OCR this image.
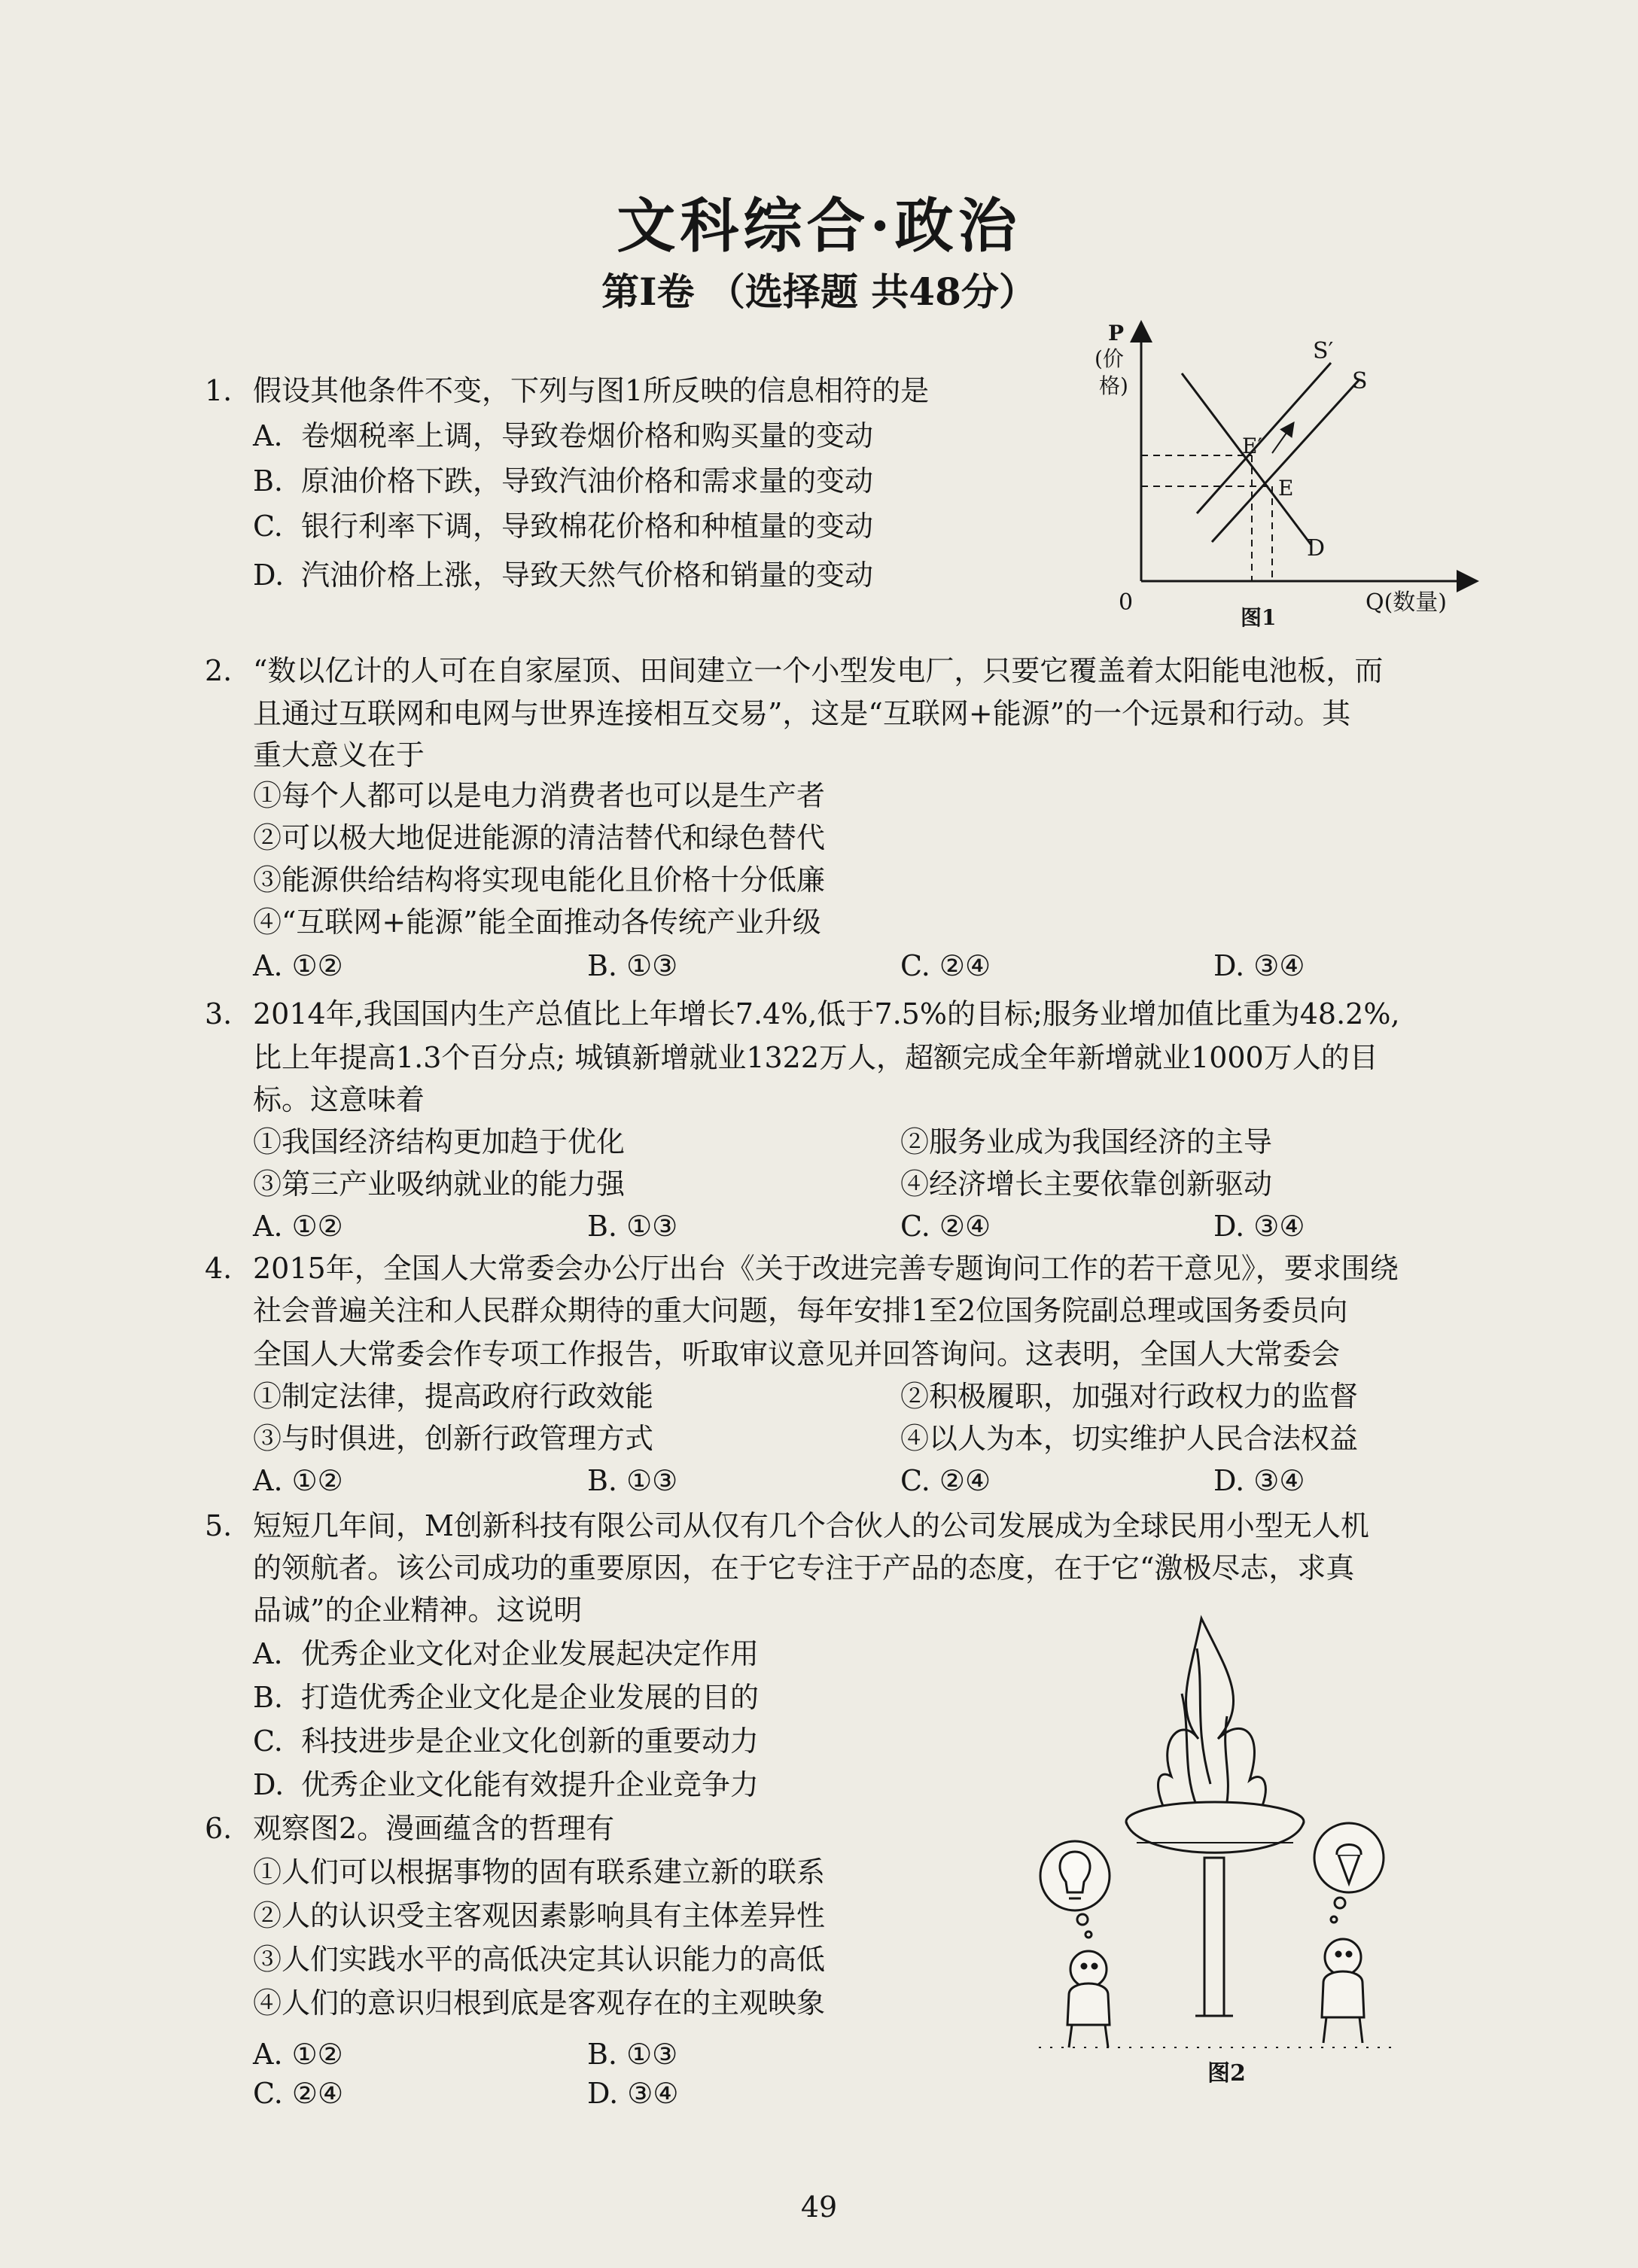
文科综合·政治
第Ⅰ卷 （选择题 共48分）
1. 假设其他条件不变，下列与图1所反映的信息相符的是
A. 卷烟税率上调，导致卷烟价格和购买量的变动
B. 原油价格下跌，导致汽油价格和需求量的变动
C. 银行利率下调，导致棉花价格和种植量的变动
D. 汽油价格上涨，导致天然气价格和销量的变动
P
(价
格)
S′
S
E′
E
D
0	Q(数量)
图1
2. “数以亿计的人可在自家屋顶、田间建立一个小型发电厂，只要它覆盖着太阳能电池板，而
且通过互联网和电网与世界连接相互交易”，这是“互联网+能源”的一个远景和行动。其
重大意义在于
①每个人都可以是电力消费者也可以是生产者
②可以极大地促进能源的清洁替代和绿色替代
③能源供给结构将实现电能化且价格十分低廉
④“互联网+能源”能全面推动各传统产业升级
A. ①②	B. ①③	C. ②④	D. ③④
3. 2014年,我国国内生产总值比上年增长7.4%,低于7.5%的目标;服务业增加值比重为48.2%,
比上年提高1.3个百分点; 城镇新增就业1322万人，超额完成全年新增就业1000万人的目
标。这意味着
①我国经济结构更加趋于优化	②服务业成为我国经济的主导
③第三产业吸纳就业的能力强	④经济增长主要依靠创新驱动
A. ①②	B. ①③	C. ②④	D. ③④
4. 2015年，全国人大常委会办公厅出台《关于改进完善专题询问工作的若干意见》，要求围绕
社会普遍关注和人民群众期待的重大问题，每年安排1至2位国务院副总理或国务委员向
全国人大常委会作专项工作报告，听取审议意见并回答询问。这表明，全国人大常委会
①制定法律，提高政府行政效能	②积极履职，加强对行政权力的监督
③与时俱进，创新行政管理方式	④以人为本，切实维护人民合法权益
A. ①②	B. ①③	C. ②④	D. ③④
5. 短短几年间，M创新科技有限公司从仅有几个合伙人的公司发展成为全球民用小型无人机
的领航者。该公司成功的重要原因，在于它专注于产品的态度，在于它“激极尽志，求真
品诚”的企业精神。这说明
A. 优秀企业文化对企业发展起决定作用
B. 打造优秀企业文化是企业发展的目的
C. 科技进步是企业文化创新的重要动力
D. 优秀企业文化能有效提升企业竞争力
6. 观察图2。漫画蕴含的哲理有
①人们可以根据事物的固有联系建立新的联系
②人的认识受主客观因素影响具有主体差异性
③人们实践水平的高低决定其认识能力的高低
④人们的意识归根到底是客观存在的主观映象
A. ①②	B. ①③
C. ②④	D. ③④
图2
49
